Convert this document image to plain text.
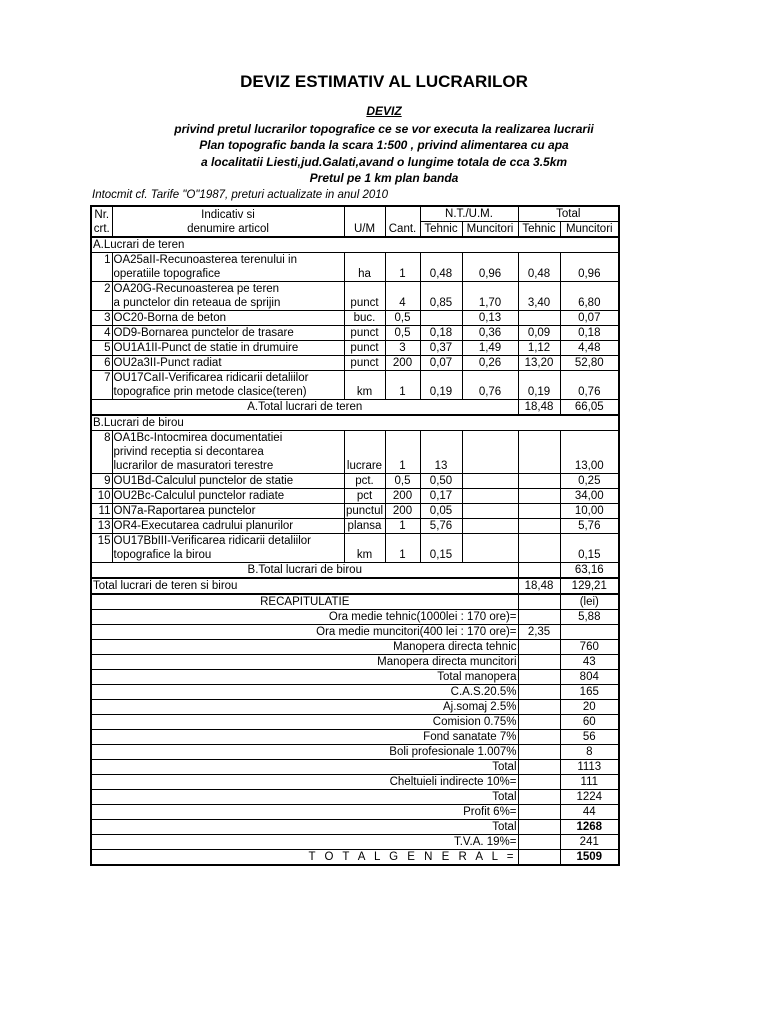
DEVIZ ESTIMATIV AL LUCRARILOR
DEVIZ
privind pretul lucrarilor topografice ce se vor executa la realizarea lucrarii
Plan topografic banda la scara 1:500 , privind alimentarea cu apa
a localitatii Liesti,jud.Galati,avand o lungime totala de cca 3.5km
Pretul pe 1 km plan banda
Intocmit cf. Tarife "O"1987, preturi actualizate in anul 2010
Nr.	Indicativ si			N.T./U.M.		Total	
crt.	denumire articol	U/M	Cant.	Tehnic	Muncitori	Tehnic	Muncitori
A.Lucrari de teren							
1	OA25aII-Recunoasterea terenului in						
	operatiile topografice	ha	1	0,48	0,96	0,48	0,96
2	OA20G-Recunoasterea pe teren						
	a punctelor din reteaua de sprijin	punct	4	0,85	1,70	3,40	6,80
3	OC20-Borna de beton	buc.	0,5		0,13		0,07
4	OD9-Bornarea punctelor de trasare	punct	0,5	0,18	0,36	0,09	0,18
5	OU1A1II-Punct de statie in drumuire	punct	3	0,37	1,49	1,12	4,48
6	OU2a3II-Punct radiat	punct	200	0,07	0,26	13,20	52,80
7	OU17CaII-Verificarea ridicarii detaliilor						
	topografice prin metode clasice(teren)	km	1	0,19	0,76	0,19	0,76
A.Total lucrari de teren						18,48	66,05
B.Lucrari de birou							
8	OA1Bc-Intocmirea documentatiei						
	privind receptia si decontarea						
	lucrarilor de masuratori terestre	lucrare	1	13			13,00
9	OU1Bd-Calculul punctelor de statie	pct.	0,5	0,50			0,25
10	OU2Bc-Calculul punctelor radiate	pct	200	0,17			34,00
11	ON7a-Raportarea punctelor	punctul	200	0,05			10,00
13	OR4-Executarea cadrului planurilor	plansa	1	5,76			5,76
15	OU17BbIII-Verificarea ridicarii detaliilor						
	topografice la birou	km	1	0,15			0,15
B.Total lucrari de birou							63,16
Total lucrari de teren si birou						18,48	129,21
RECAPITULATIE							(lei)
Ora medie tehnic(1000lei : 170 ore)=							5,88
Ora medie muncitori(400 lei : 170 ore)=						2,35	
Manopera directa tehnic							760
Manopera directa muncitori							43
Total manopera							804
C.A.S.20.5%							165
Aj.somaj 2.5%							20
Comision 0.75%							60
Fond sanatate 7%							56
Boli profesionale 1.007%							8
Total							1113
Cheltuieli indirecte 10%=							111
Total							1224
Profit 6%=							44
Total							1268
T.V.A. 19%=							241
T O T A L G E N E R A L =							1509
